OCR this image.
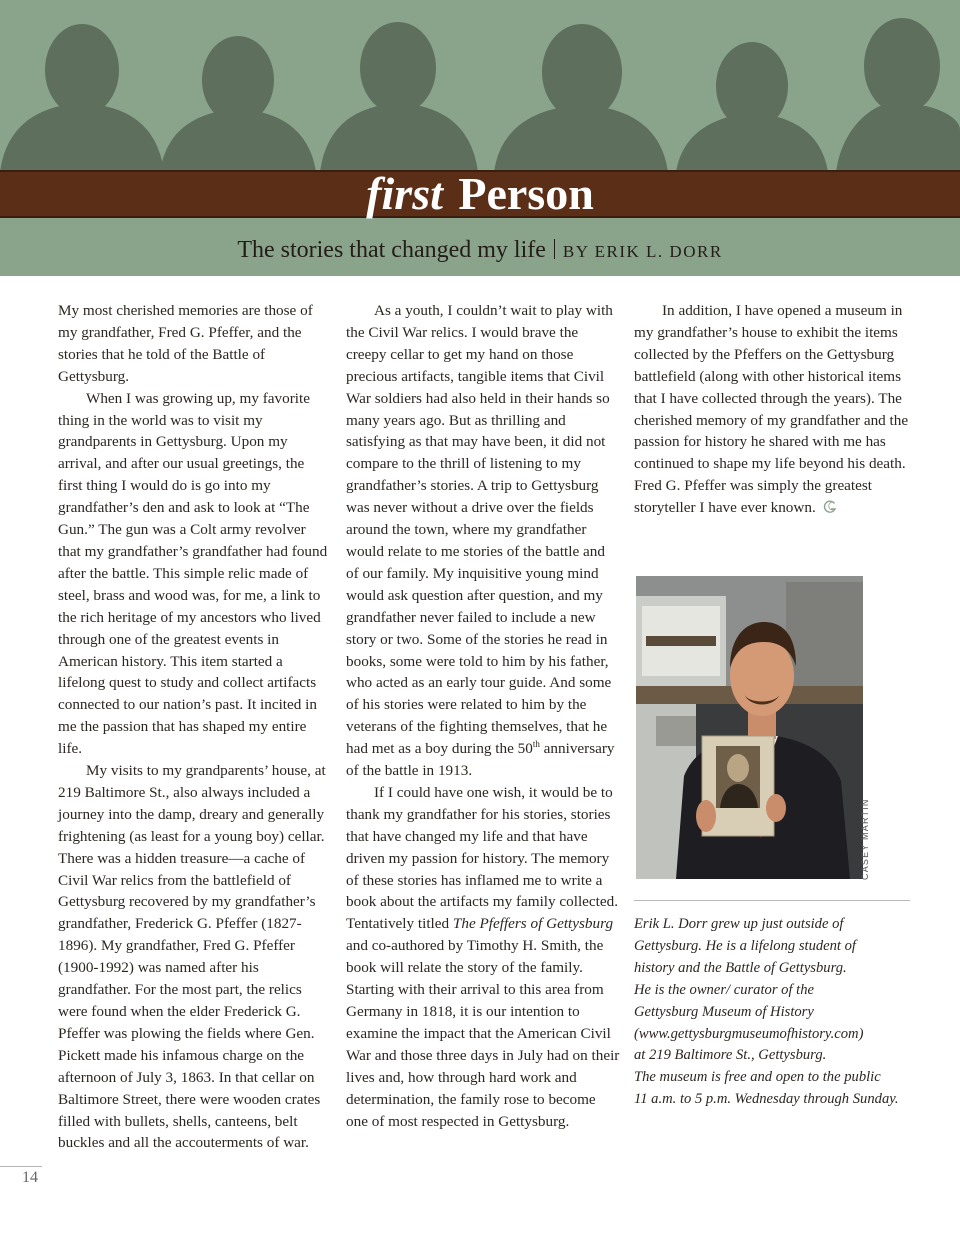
first Person
The stories that changed my life BY ERIK L. DORR

My most cherished memories are those of my grandfather, Fred G. Pfeffer, and the stories that he told of the Battle of Gettysburg.

When I was growing up, my favorite thing in the world was to visit my grandparents in Gettysburg. Upon my arrival, and after our usual greetings, the first thing I would do is go into my grandfather’s den and ask to look at “The Gun.” The gun was a Colt army revolver that my grandfather’s grandfather had found after the battle. This simple relic made of steel, brass and wood was, for me, a link to the rich heritage of my ancestors who lived through one of the greatest events in American history. This item started a lifelong quest to study and collect artifacts connected to our nation’s past. It incited in me the passion that has shaped my entire life.

My visits to my grandparents’ house, at 219 Baltimore St., also always included a journey into the damp, dreary and generally frightening (as least for a young boy) cellar. There was a hidden treasure—a cache of Civil War relics from the battlefield of Gettysburg recovered by my grandfather’s grandfather, Frederick G. Pfeffer (1827-1896). My grandfather, Fred G. Pfeffer (1900-1992) was named after his grandfather. For the most part, the relics were found when the elder Frederick G. Pfeffer was plowing the fields where Gen. Pickett made his infamous charge on the afternoon of July 3, 1863. In that cellar on Baltimore Street, there were wooden crates filled with bullets, shells, canteens, belt buckles and all the accouterments of war.

As a youth, I couldn’t wait to play with the Civil War relics. I would brave the creepy cellar to get my hand on those precious artifacts, tangible items that Civil War soldiers had also held in their hands so many years ago. But as thrilling and satisfying as that may have been, it did not compare to the thrill of listening to my grandfather’s stories. A trip to Gettysburg was never without a drive over the fields around the town, where my grandfather would relate to me stories of the battle and of our family. My inquisitive young mind would ask question after question, and my grandfather never failed to include a new story or two. Some of the stories he read in books, some were told to him by his father, who acted as an early tour guide. And some of his stories were related to him by the veterans of the fighting themselves, that he had met as a boy during the 50th anniversary of the battle in 1913.

If I could have one wish, it would be to thank my grandfather for his stories, stories that have changed my life and that have driven my passion for history. The memory of these stories has inflamed me to write a book about the artifacts my family collected. Tentatively titled The Pfeffers of Gettysburg and co-authored by Timothy H. Smith, the book will relate the story of the family. Starting with their arrival to this area from Germany in 1818, it is our intention to examine the impact that the American Civil War and those three days in July had on their lives and, how through hard work and determination, the family rose to become one of most respected in Gettysburg.

In addition, I have opened a museum in my grandfather’s house to exhibit the items collected by the Pfeffers on the Gettysburg battlefield (along with other historical items that I have collected through the years). The cherished memory of my grandfather and the passion for history he shared with me has continued to shape my life beyond his death. Fred G. Pfeffer was simply the greatest storyteller I have ever known.

CASEY MARTIN
Erik L. Dorr grew up just outside of
Gettysburg. He is a lifelong student of
history and the Battle of Gettysburg.
He is the owner/ curator of the
Gettysburg Museum of History
(www.gettysburgmuseumofhistory.com)
at 219 Baltimore St., Gettysburg.
The museum is free and open to the public
11 a.m. to 5 p.m. Wednesday through Sunday.
14
